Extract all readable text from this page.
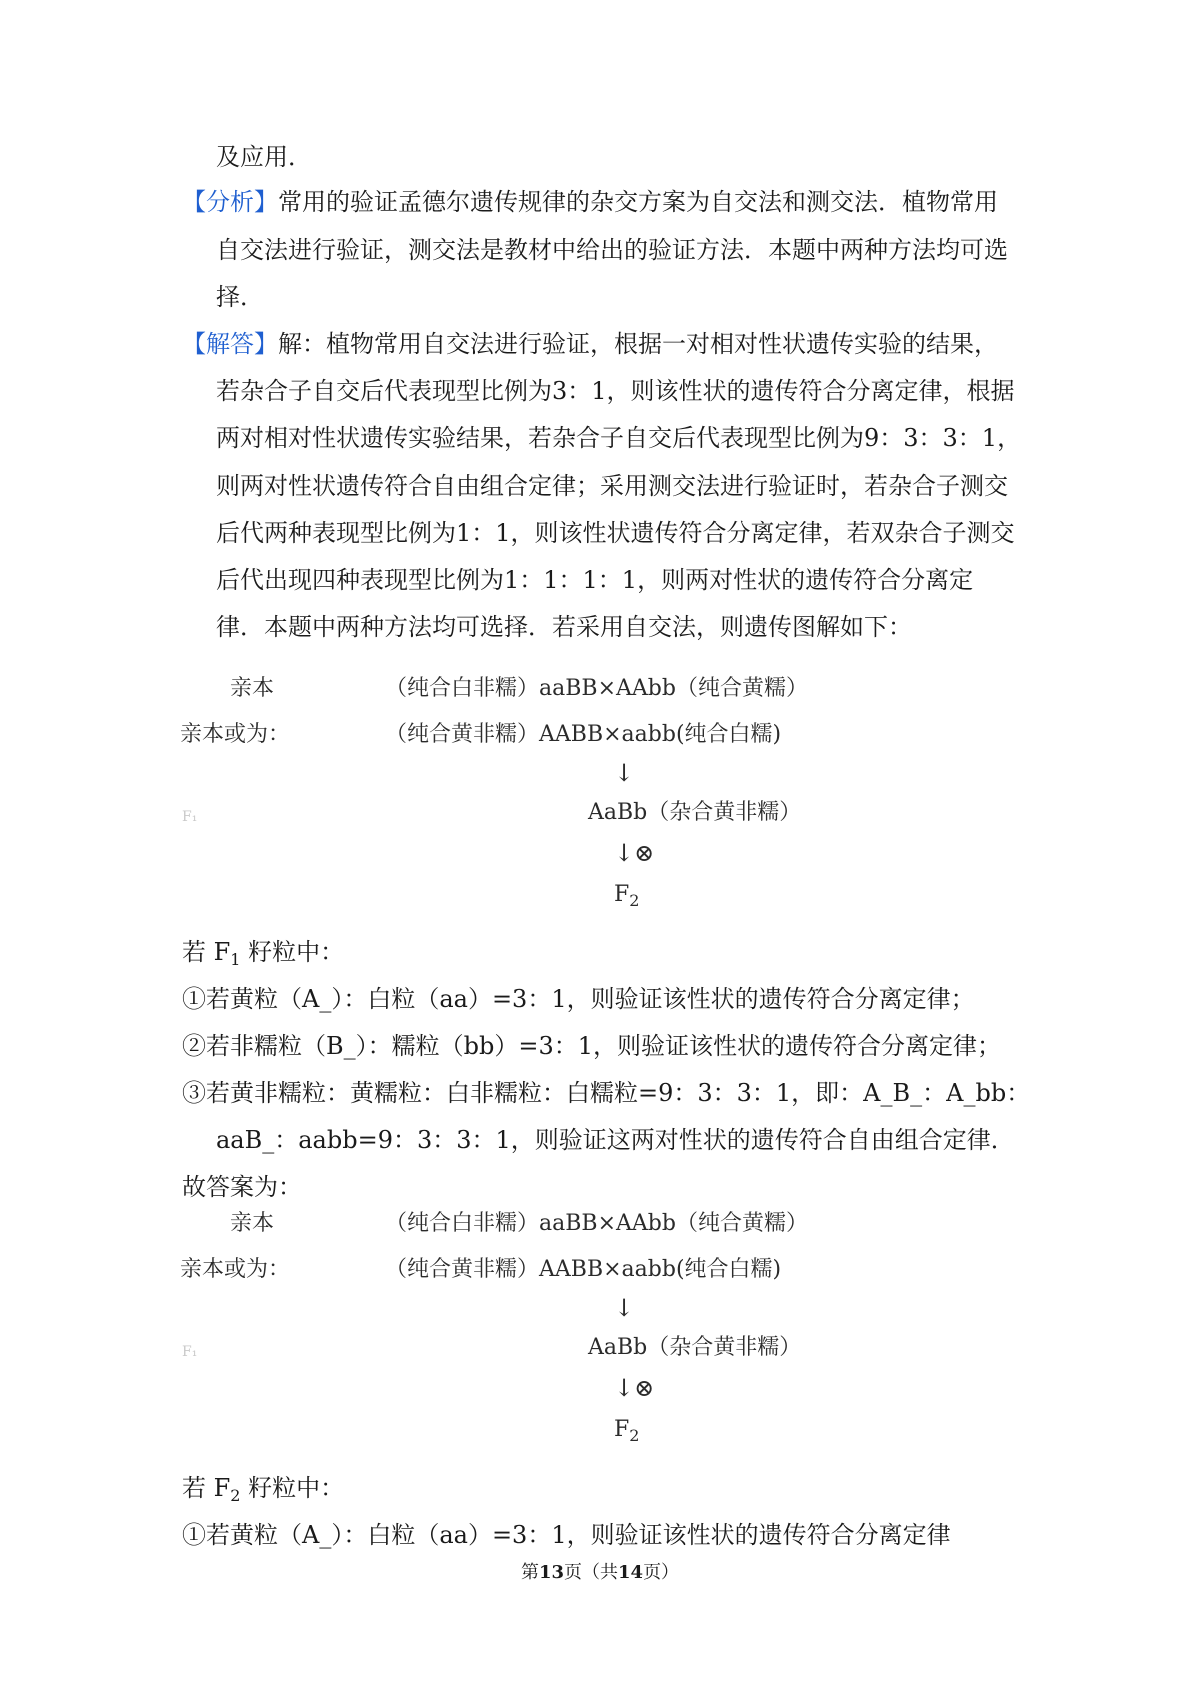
及应用．
【分析】常用的验证孟德尔遗传规律的杂交方案为自交法和测交法．植物常用
自交法进行验证，测交法是教材中给出的验证方法．本题中两种方法均可选
择．
【解答】解：植物常用自交法进行验证，根据一对相对性状遗传实验的结果，
若杂合子自交后代表现型比例为3：1，则该性状的遗传符合分离定律，根据
两对相对性状遗传实验结果，若杂合子自交后代表现型比例为9：3：3：1，
则两对性状遗传符合自由组合定律；采用测交法进行验证时，若杂合子测交
后代两种表现型比例为1：1，则该性状遗传符合分离定律，若双杂合子测交
后代出现四种表现型比例为1：1：1：1，则两对性状的遗传符合分离定
律．本题中两种方法均可选择．若采用自交法，则遗传图解如下：
亲本	（纯合白非糯）aaBB×AAbb（纯合黄糯）
亲本或为：	（纯合黄非糯）AABB×aabb(纯合白糯)
↓
F₁	AaBb（杂合黄非糯）
↓⊗
$F_2$
若 $F_1$ 籽粒中：
①若黄粒（A_）：白粒（aa）=3：1，则验证该性状的遗传符合分离定律；
②若非糯粒（B_）：糯粒（bb）=3：1，则验证该性状的遗传符合分离定律；
③若黄非糯粒：黄糯粒：白非糯粒：白糯粒=9：3：3：1，即：A_B_：A_bb：
aaB_：aabb=9：3：3：1，则验证这两对性状的遗传符合自由组合定律．
故答案为：
亲本	（纯合白非糯）aaBB×AAbb（纯合黄糯）
亲本或为：	（纯合黄非糯）AABB×aabb(纯合白糯)
↓
F₁	AaBb（杂合黄非糯）
↓⊗
$F_2$
若 $F_2$ 籽粒中：
①若黄粒（A_）：白粒（aa）=3：1，则验证该性状的遗传符合分离定律
第13页（共14页）
